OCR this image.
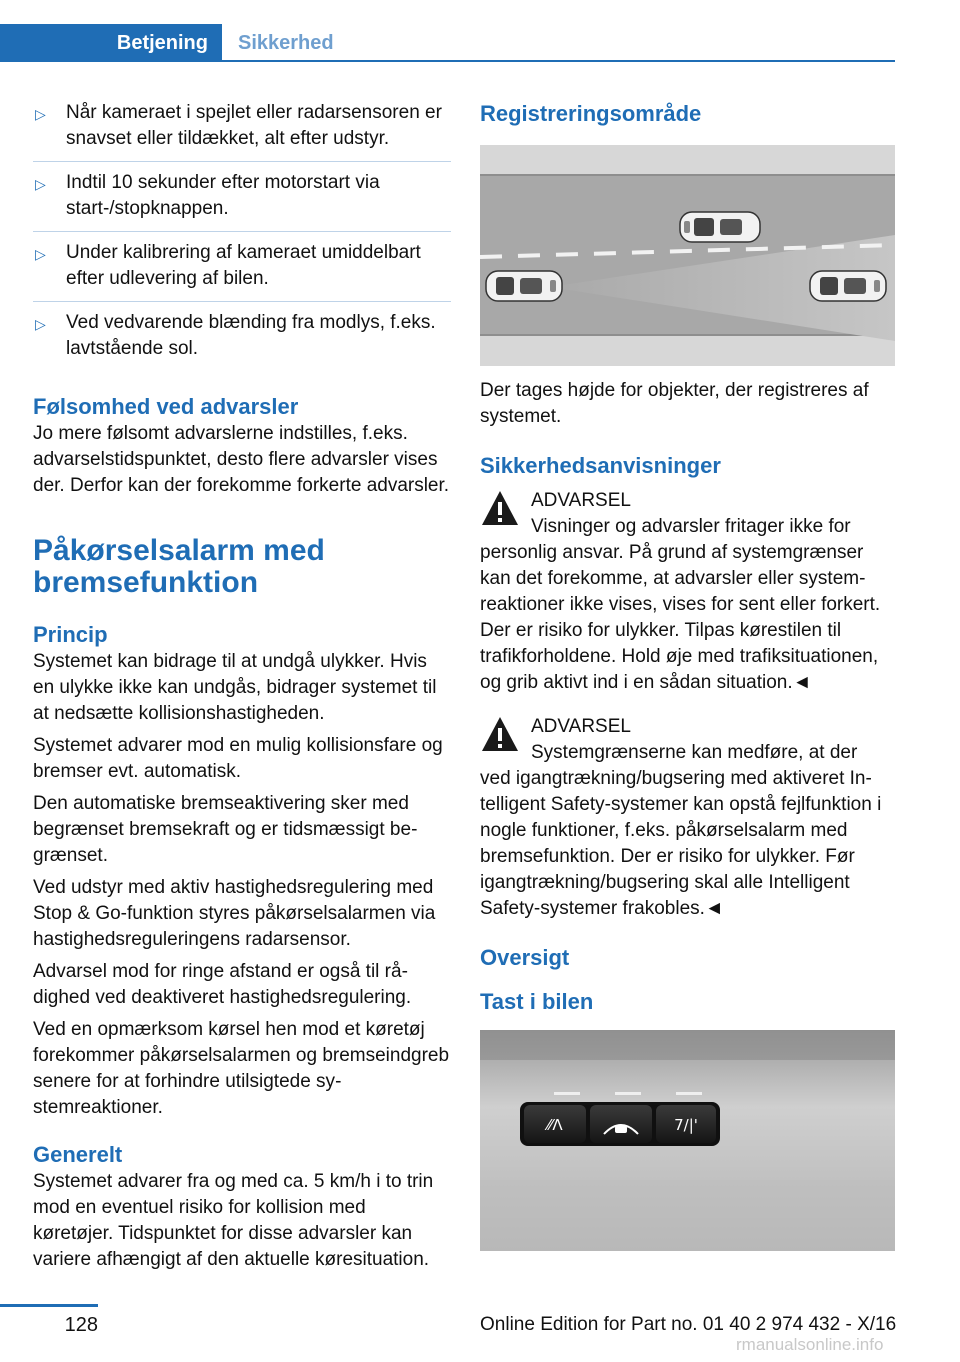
Betjening	Sikkerhed
▷ Når kameraet i spejlet eller radarsensoren er snavset eller tildækket, alt efter udstyr.
▷ Indtil 10 sekunder efter motorstart via start-/stopknappen.
▷ Under kalibrering af kameraet umiddelbart efter udlevering af bilen.
▷ Ved vedvarende blænding fra modlys, f.eks. lavtstående sol.
Følsomhed ved advarsler

Jo mere følsomt advarslerne indstilles, f.eks. advarselstidspunktet, desto flere advarsler vises der. Derfor kan der forekomme forkerte advarsler.

Påkørselsalarm med
bremsefunktion
Princip

Systemet kan bidrage til at undgå ulykker. Hvis en ulykke ikke kan undgås, bidrager systemet til at nedsætte kollisionshastigheden.

Systemet advarer mod en mulig kollisionsfare og bremser evt. automatisk.

Den automatiske bremseaktivering sker med begrænset bremsekraft og er tidsmæssigt begrænset.

Ved udstyr med aktiv hastighedsregulering med Stop & Go-funktion styres påkørselsalarmen via hastighedsreguleringens radarsensor.

Advarsel mod for ringe afstand er også til rådighed ved deaktiveret hastighedsregulering.

Ved en opmærksom kørsel hen mod et køretøj forekommer påkørselsalarmen og bremseindgreb senere for at forhindre utilsigtede systemreaktioner.

Generelt

Systemet advarer fra og med ca. 5 km/h i to trin mod en eventuel risiko for kollision med køretøjer. Tidspunktet for disse advarsler kan variere afhængigt af den aktuelle køresituation.

Registreringsområde

Der tages højde for objekter, der registreres af systemet.

Sikkerhedsanvisninger

ADVARSEL

Visninger og advarsler fritager ikke for

personlig ansvar. På grund af systemgrænser kan det forekomme, at advarsler eller systemreaktioner ikke vises, vises for sent eller forkert. Der er risiko for ulykker. Tilpas kørestilen til trafikforholdene. Hold øje med trafiksituationen, og grib aktivt ind i en sådan situation.◄

ADVARSEL

Systemgrænserne kan medføre, at der

ved igangtrækning/bugsering med aktiveret Intelligent Safety-systemer kan opstå fejlfunktion i nogle funktioner, f.eks. påkørselsalarm med bremsefunktion. Der er risiko for ulykker. Før igangtrækning/bugsering skal alle Intelligent Safety-systemer frakobles.◄

Oversigt
Tast i bilen
⁄⁄Λ	7/|'
128	Online Edition for Part no. 01 40 2 974 432 - X/16
rmanualsonline.info
